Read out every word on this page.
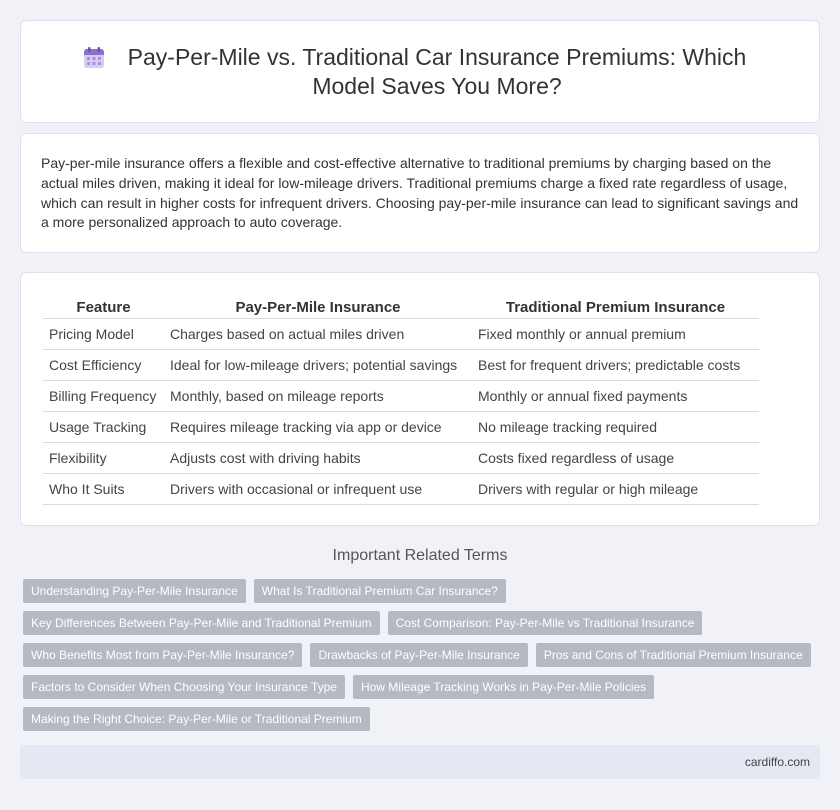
Pay-Per-Mile vs. Traditional Car Insurance Premiums: Which Model Saves You More?

Pay-per-mile insurance offers a flexible and cost-effective alternative to traditional premiums by charging based on the actual miles driven, making it ideal for low-mileage drivers. Traditional premiums charge a fixed rate regardless of usage, which can result in higher costs for infrequent drivers. Choosing pay-per-mile insurance can lead to significant savings and a more personalized approach to auto coverage.

Feature	Pay-Per-Mile Insurance	Traditional Premium Insurance
Pricing Model	Charges based on actual miles driven	Fixed monthly or annual premium
Cost Efficiency	Ideal for low-mileage drivers; potential savings	Best for frequent drivers; predictable costs
Billing Frequency	Monthly, based on mileage reports	Monthly or annual fixed payments
Usage Tracking	Requires mileage tracking via app or device	No mileage tracking required
Flexibility	Adjusts cost with driving habits	Costs fixed regardless of usage
Who It Suits	Drivers with occasional or infrequent use	Drivers with regular or high mileage
Important Related Terms
Understanding Pay-Per-Mile Insurance	What Is Traditional Premium Car Insurance?
Key Differences Between Pay-Per-Mile and Traditional Premium	Cost Comparison: Pay-Per-Mile vs Traditional Insurance
Who Benefits Most from Pay-Per-Mile Insurance?	Drawbacks of Pay-Per-Mile Insurance	Pros and Cons of Traditional Premium Insurance
Factors to Consider When Choosing Your Insurance Type	How Mileage Tracking Works in Pay-Per-Mile Policies
Making the Right Choice: Pay-Per-Mile or Traditional Premium
cardiffo.com
